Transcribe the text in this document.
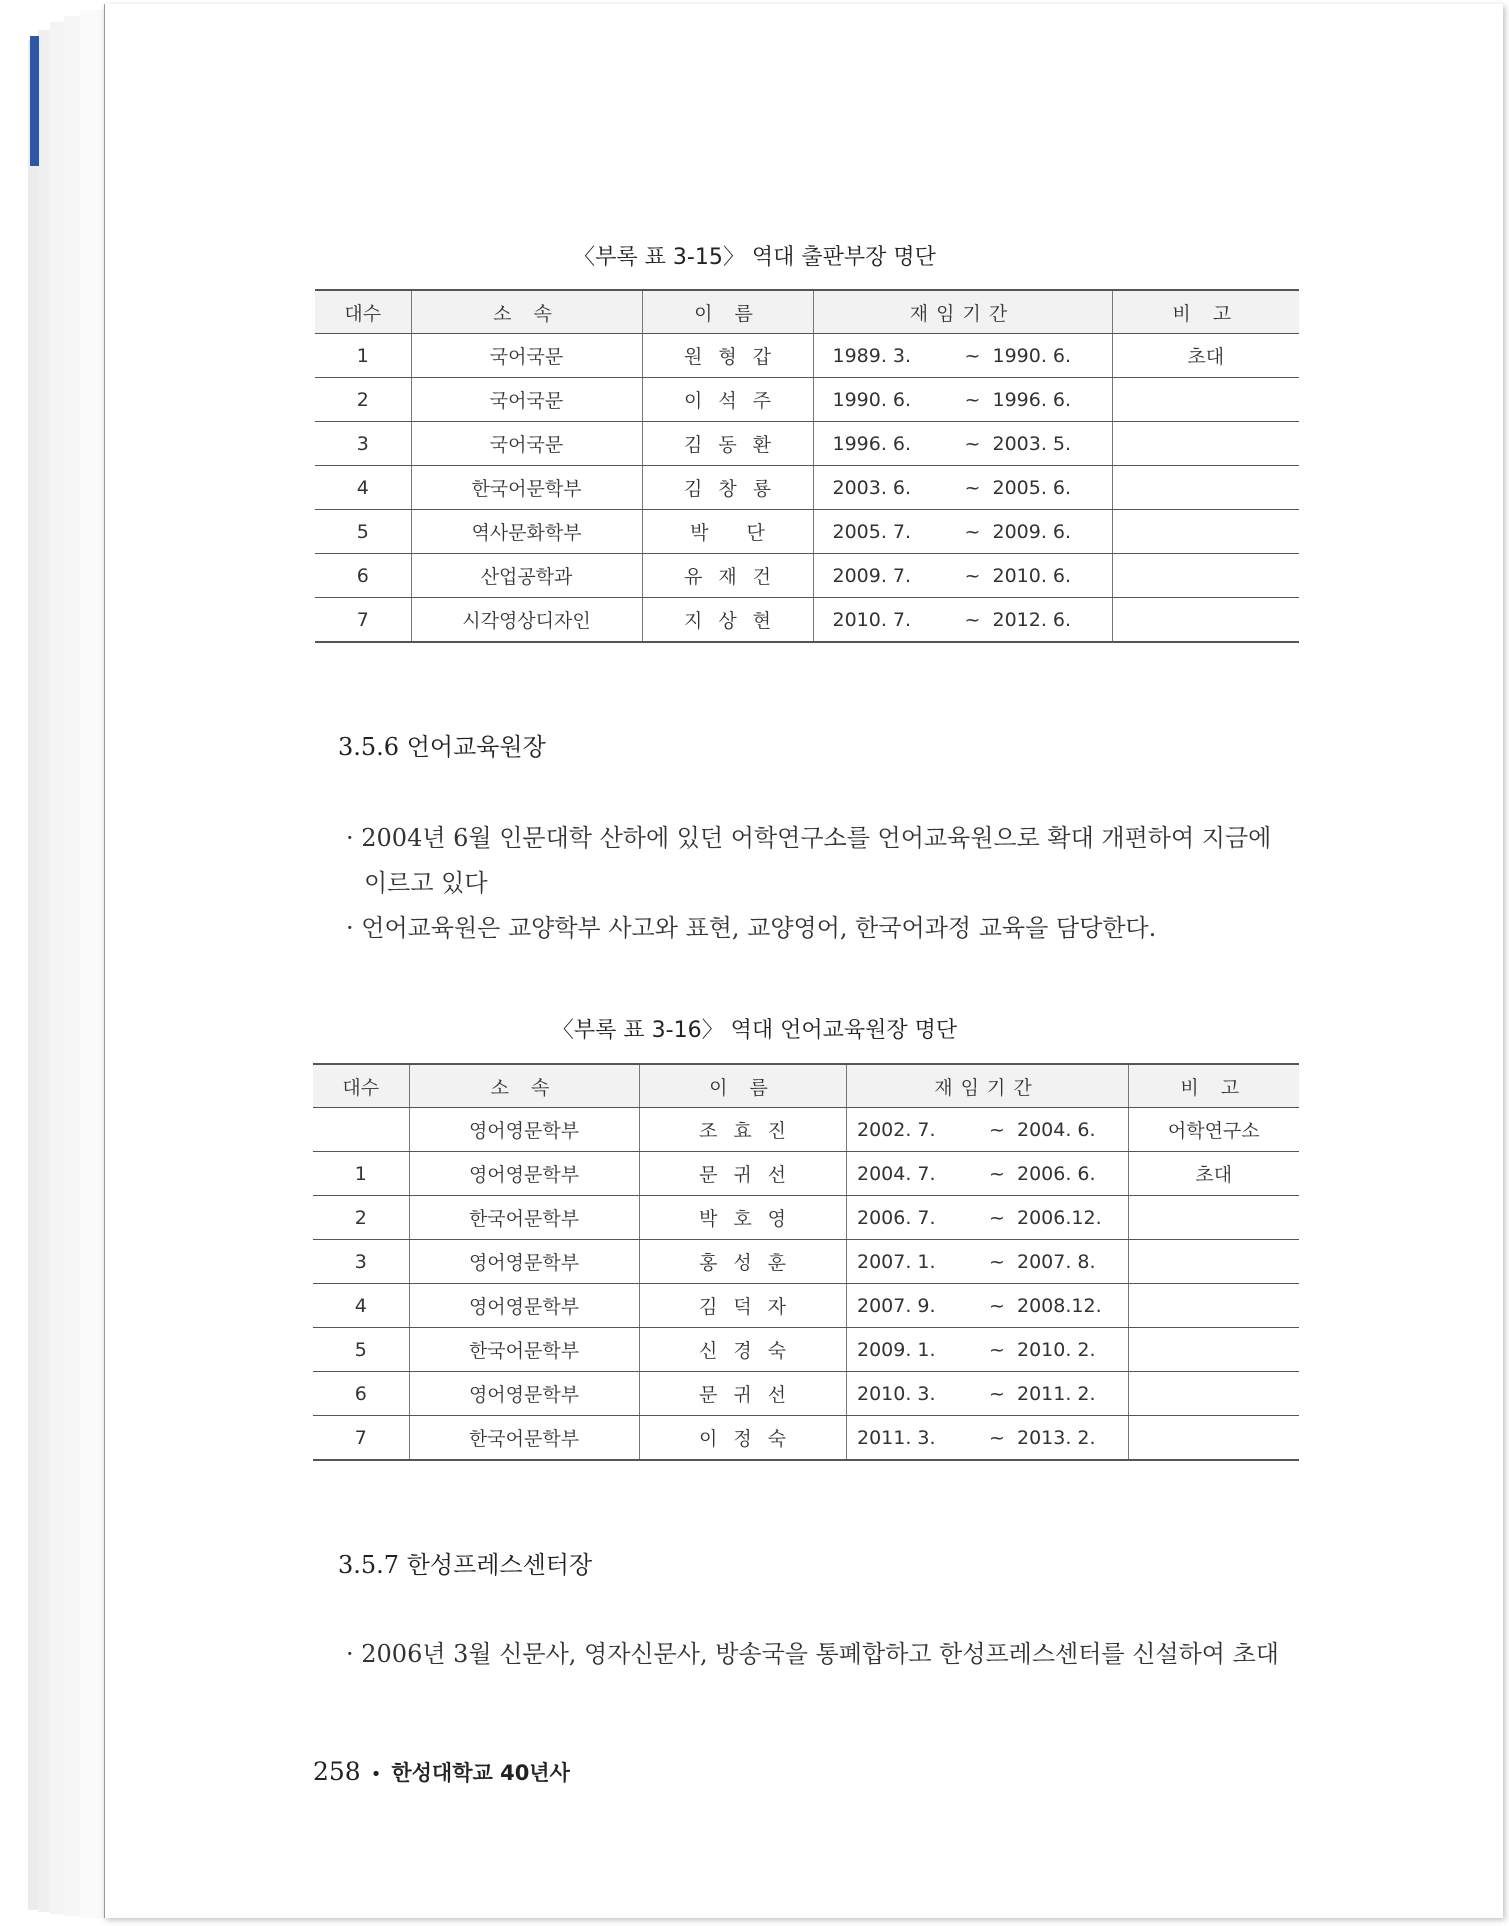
〈부록 표 3-15〉 역대 출판부장 명단
대수	소 속	이 름	재임기간	비 고
1	국어국문	원형갑	1989. 3. ~ 1990. 6.	초대
2	국어국문	이석주	1990. 6. ~ 1996. 6.	
3	국어국문	김동환	1996. 6. ~ 2003. 5.	
4	한국어문학부	김창룡	2003. 6. ~ 2005. 6.	
5	역사문화학부	박 단	2005. 7. ~ 2009. 6.	
6	산업공학과	유재건	2009. 7. ~ 2010. 6.	
7	시각영상디자인	지상현	2010. 7. ~ 2012. 6.	
3.5.6 언어교육원장
· 2004년 6월 인문대학 산하에 있던 어학연구소를 언어교육원으로 확대 개편하여 지금에
이르고 있다
· 언어교육원은 교양학부 사고와 표현, 교양영어, 한국어과정 교육을 담당한다.
〈부록 표 3-16〉 역대 언어교육원장 명단
대수	소 속	이 름	재임기간	비 고
	영어영문학부	조효진	2002. 7. ~ 2004. 6.	어학연구소
1	영어영문학부	문귀선	2004. 7. ~ 2006. 6.	초대
2	한국어문학부	박호영	2006. 7. ~ 2006.12.	
3	영어영문학부	홍성훈	2007. 1. ~ 2007. 8.	
4	영어영문학부	김덕자	2007. 9. ~ 2008.12.	
5	한국어문학부	신경숙	2009. 1. ~ 2010. 2.	
6	영어영문학부	문귀선	2010. 3. ~ 2011. 2.	
7	한국어문학부	이정숙	2011. 3. ~ 2013. 2.	
3.5.7 한성프레스센터장
· 2006년 3월 신문사, 영자신문사, 방송국을 통폐합하고 한성프레스센터를 신설하여 초대
258 • 한성대학교 40년사
